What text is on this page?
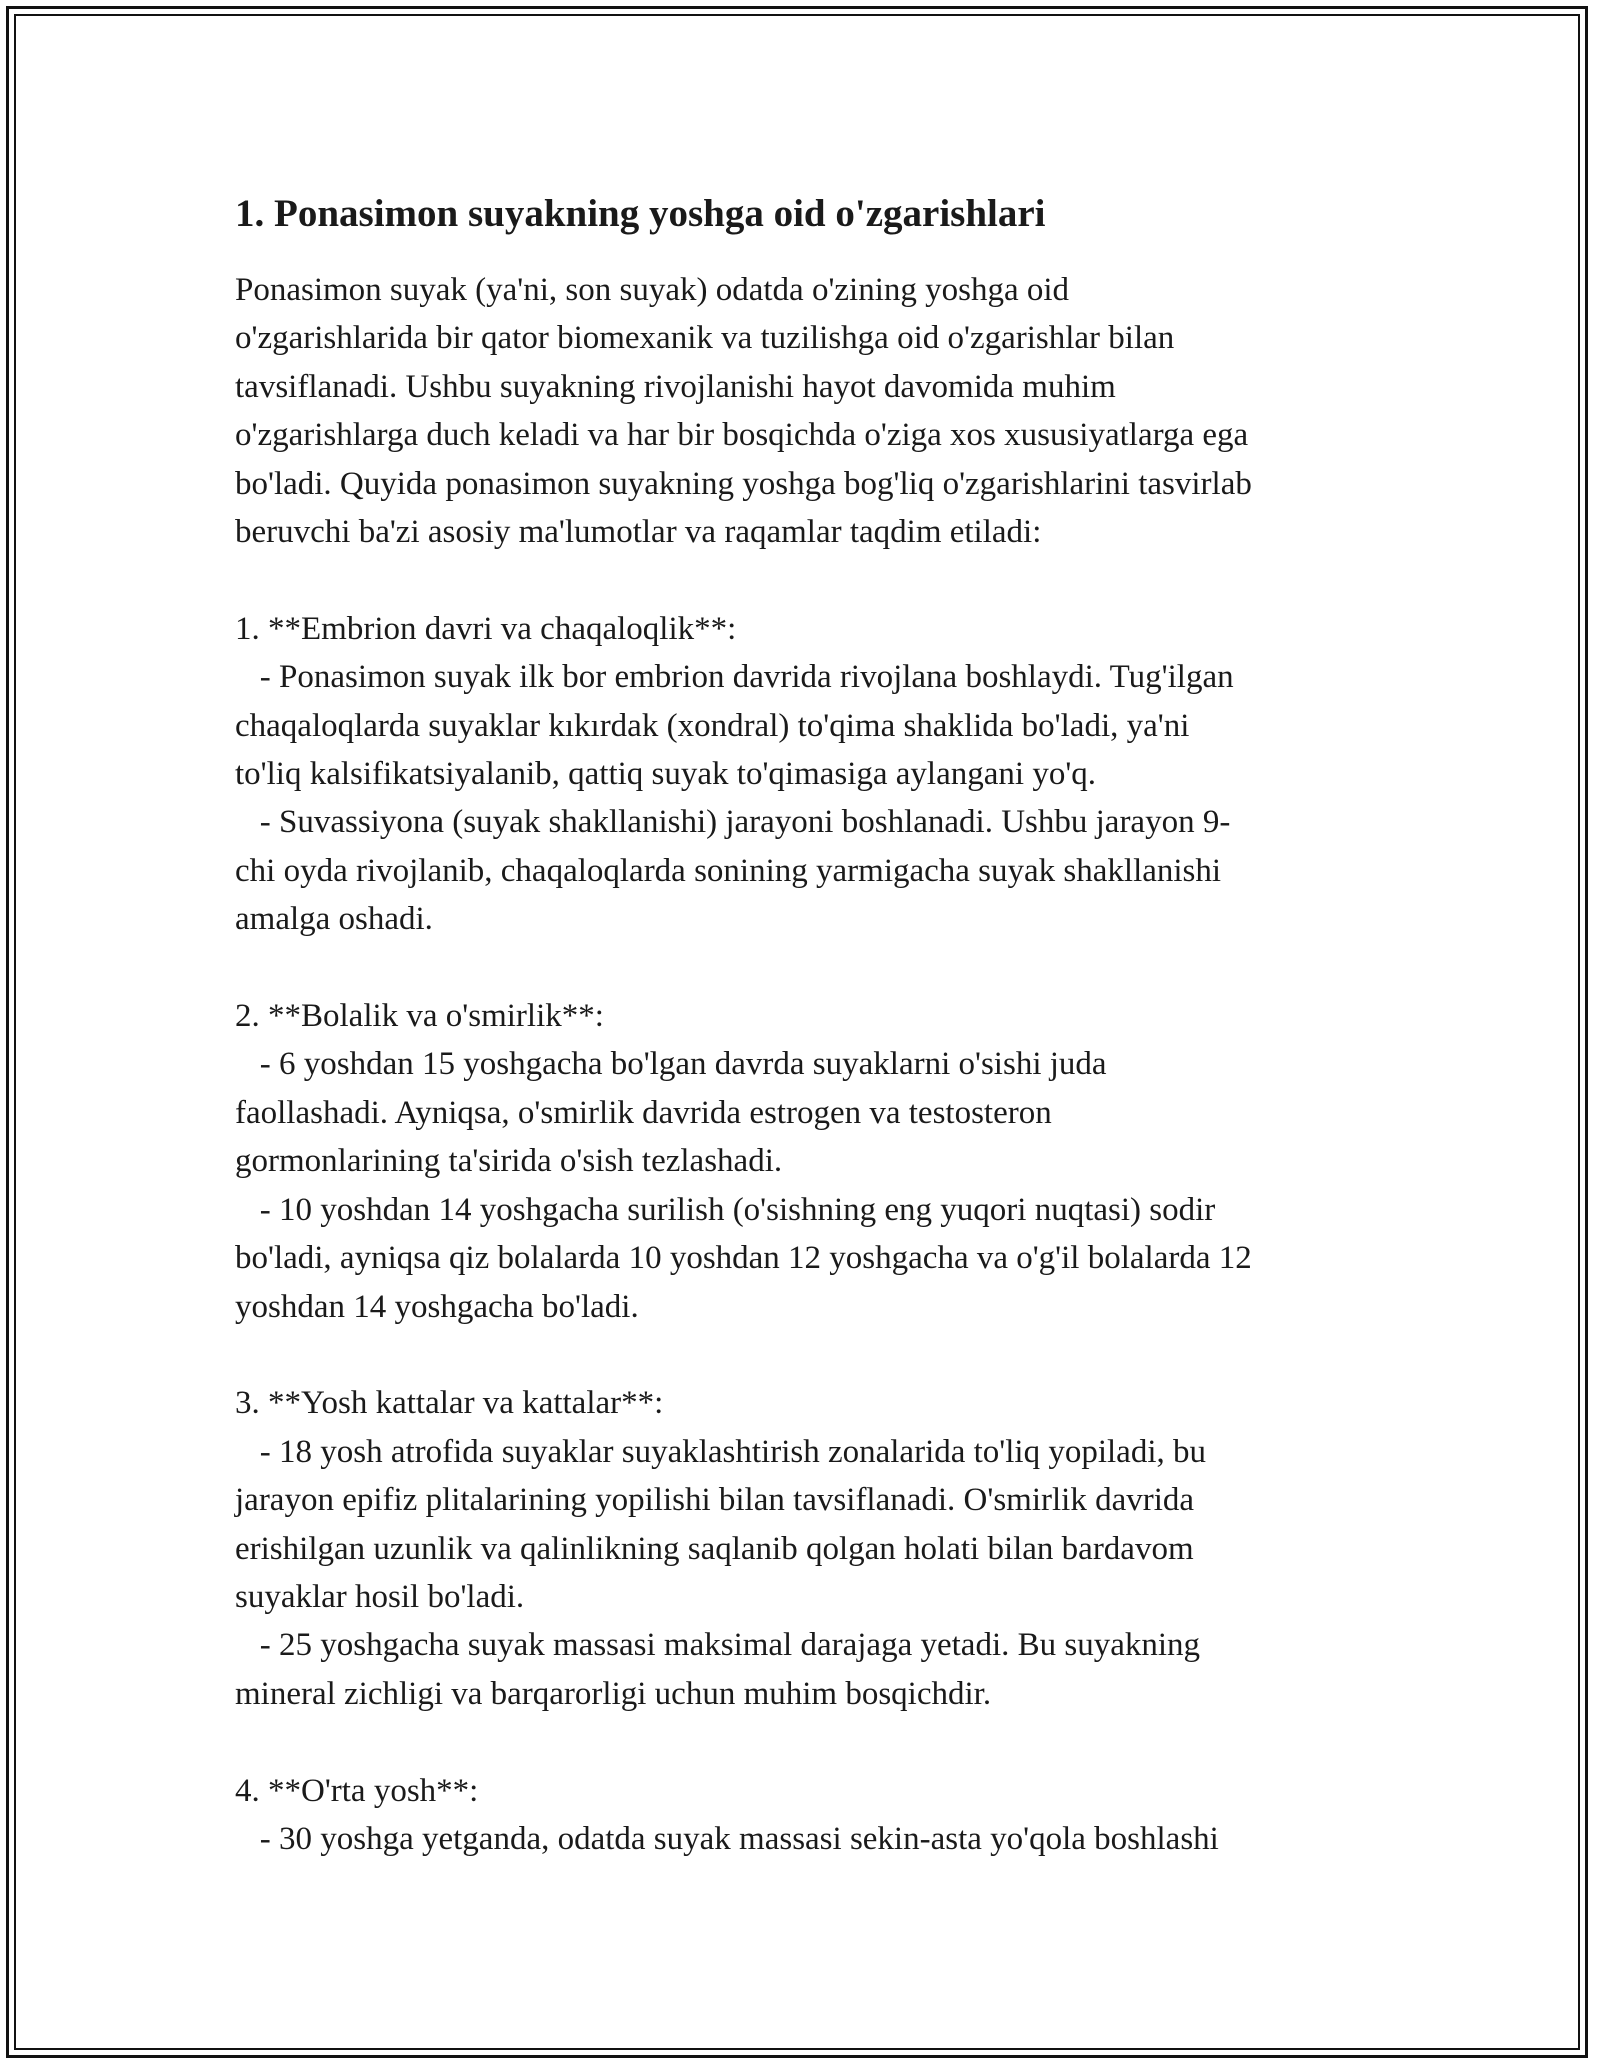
1. Ponasimon suyakning yoshga oid o'zgarishlari
Ponasimon suyak (ya'ni, son suyak) odatda o'zining yoshga oid
o'zgarishlarida bir qator biomexanik va tuzilishga oid o'zgarishlar bilan
tavsiflanadi. Ushbu suyakning rivojlanishi hayot davomida muhim
o'zgarishlarga duch keladi va har bir bosqichda o'ziga xos xususiyatlarga ega
bo'ladi. Quyida ponasimon suyakning yoshga bog'liq o'zgarishlarini tasvirlab
beruvchi ba'zi asosiy ma'lumotlar va raqamlar taqdim etiladi:
1. **Embrion davri va chaqaloqlik**:
- Ponasimon suyak ilk bor embrion davrida rivojlana boshlaydi. Tug'ilgan
chaqaloqlarda suyaklar kıkırdak (xondral) to'qima shaklida bo'ladi, ya'ni
to'liq kalsifikatsiyalanib, qattiq suyak to'qimasiga aylangani yo'q.
- Suvassiyona (suyak shakllanishi) jarayoni boshlanadi. Ushbu jarayon 9-
chi oyda rivojlanib, chaqaloqlarda sonining yarmigacha suyak shakllanishi
amalga oshadi.
2. **Bolalik va o'smirlik**:
- 6 yoshdan 15 yoshgacha bo'lgan davrda suyaklarni o'sishi juda
faollashadi. Ayniqsa, o'smirlik davrida estrogen va testosteron
gormonlarining ta'sirida o'sish tezlashadi.
- 10 yoshdan 14 yoshgacha surilish (o'sishning eng yuqori nuqtasi) sodir
bo'ladi, ayniqsa qiz bolalarda 10 yoshdan 12 yoshgacha va o'g'il bolalarda 12
yoshdan 14 yoshgacha bo'ladi.
3. **Yosh kattalar va kattalar**:
- 18 yosh atrofida suyaklar suyaklashtirish zonalarida to'liq yopiladi, bu
jarayon epifiz plitalarining yopilishi bilan tavsiflanadi. O'smirlik davrida
erishilgan uzunlik va qalinlikning saqlanib qolgan holati bilan bardavom
suyaklar hosil bo'ladi.
- 25 yoshgacha suyak massasi maksimal darajaga yetadi. Bu suyakning
mineral zichligi va barqarorligi uchun muhim bosqichdir.
4. **O'rta yosh**:
- 30 yoshga yetganda, odatda suyak massasi sekin-asta yo'qola boshlashi
